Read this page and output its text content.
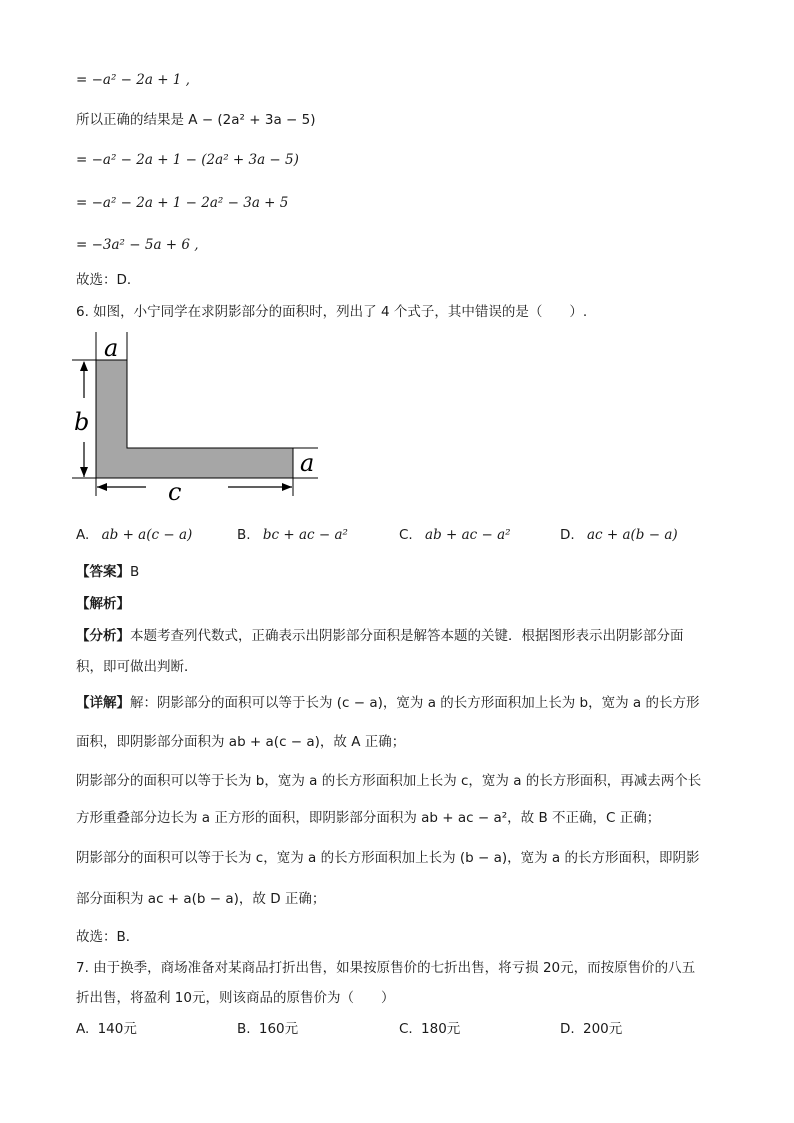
= −a² − 2a + 1 ,
所以正确的结果是 A − (2a² + 3a − 5)
= −a² − 2a + 1 − (2a² + 3a − 5)
= −a² − 2a + 1 − 2a² − 3a + 5
= −3a² − 5a + 6 ,
故选：D．
6. 如图，小宁同学在求阴影部分的面积时，列出了 4 个式子，其中错误的是（　　）.
a
b
a
c
A. ab + a(c − a)	B. bc + ac − a²	C. ab + ac − a²	D. ac + a(b − a)
【答案】B
【解析】
【分析】本题考查列代数式，正确表示出阴影部分面积是解答本题的关键．根据图形表示出阴影部分面
积，即可做出判断．
【详解】解：阴影部分的面积可以等于长为 (c − a)，宽为 a 的长方形面积加上长为 b，宽为 a 的长方形
面积，即阴影部分面积为 ab + a(c − a)，故 A 正确；
阴影部分的面积可以等于长为 b，宽为 a 的长方形面积加上长为 c，宽为 a 的长方形面积，再减去两个长
方形重叠部分边长为 a 正方形的面积，即阴影部分面积为 ab + ac − a²，故 B 不正确，C 正确；
阴影部分的面积可以等于长为 c，宽为 a 的长方形面积加上长为 (b − a)，宽为 a 的长方形面积，即阴影
部分面积为 ac + a(b − a)，故 D 正确；
故选：B．
7. 由于换季，商场准备对某商品打折出售，如果按原售价的七折出售，将亏损 20元，而按原售价的八五
折出售，将盈利 10元，则该商品的原售价为（　　）
A. 140元	B. 160元	C. 180元	D. 200元
